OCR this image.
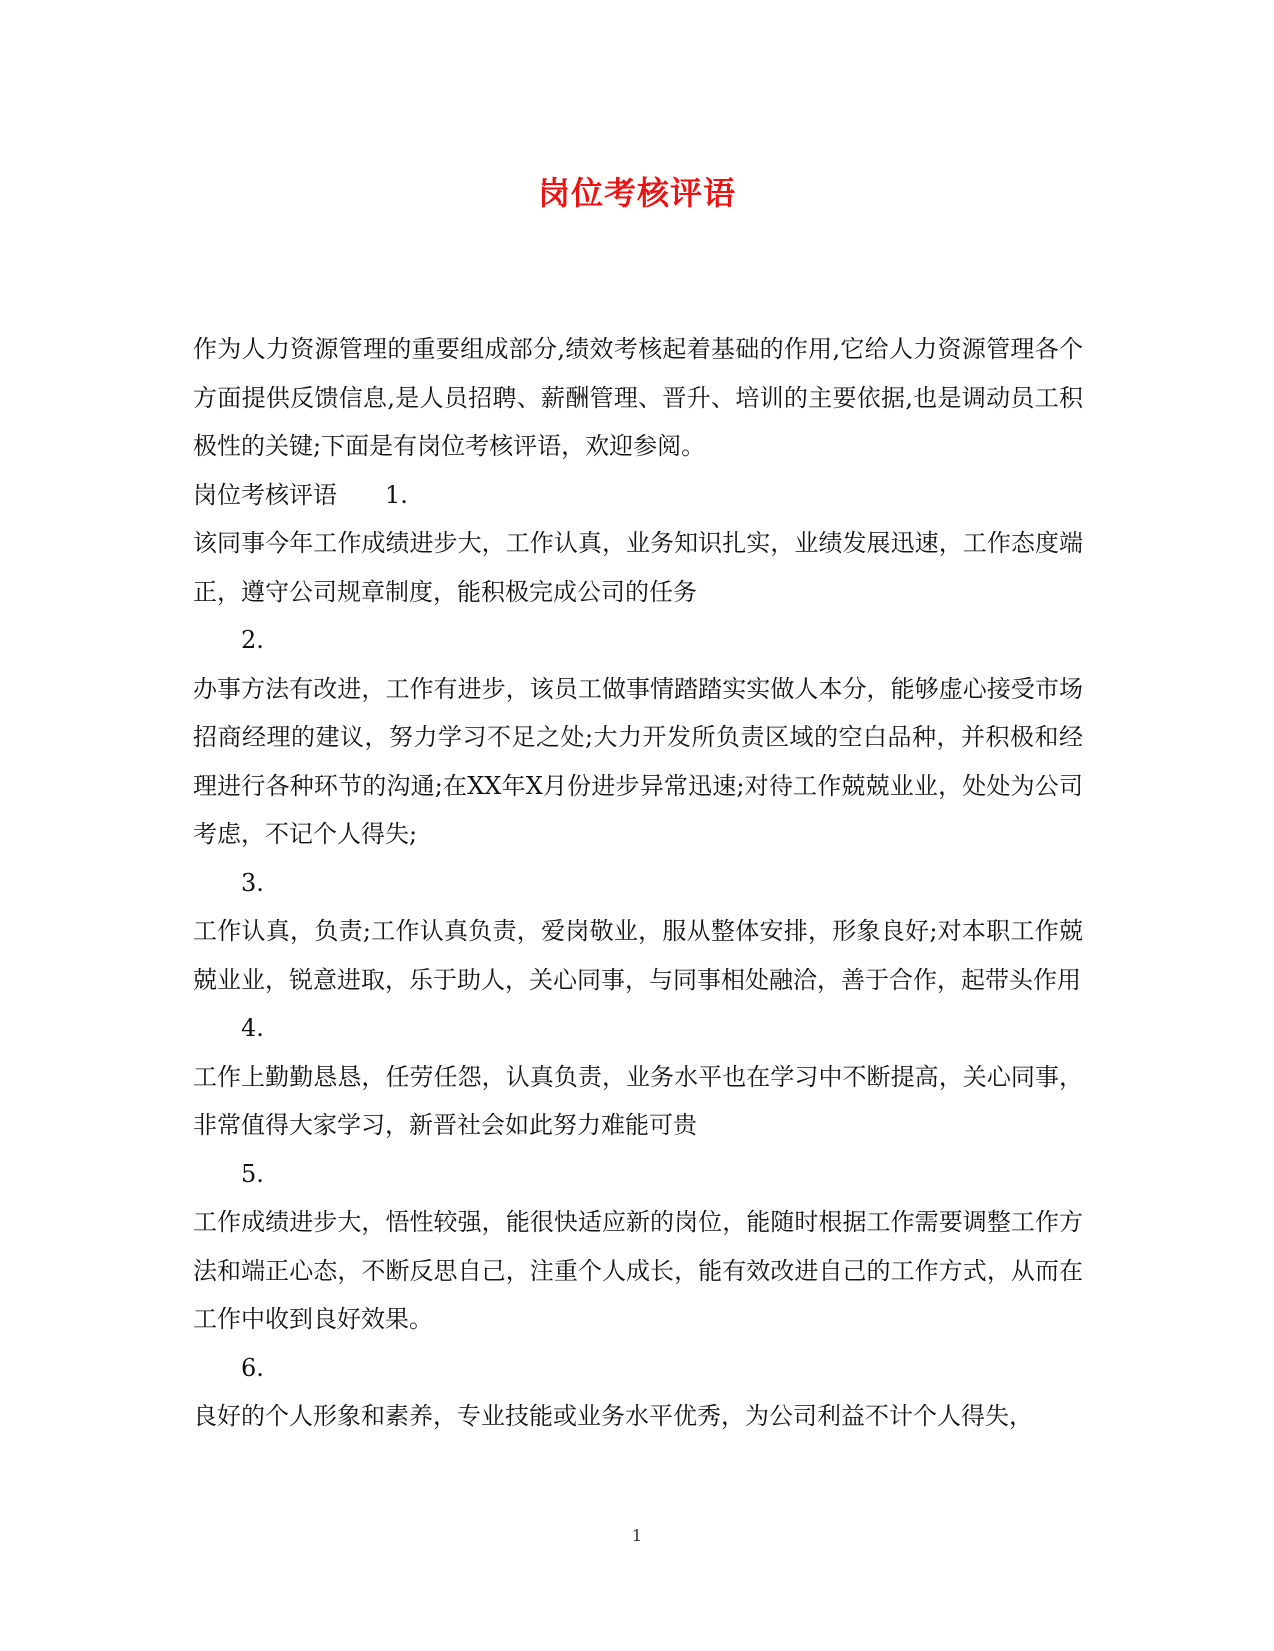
岗位考核评语

作为人力资源管理的重要组成部分,绩效考核起着基础的作用,它给人力资源管理各个方面提供反馈信息,是人员招聘、薪酬管理、晋升、培训的主要依据,也是调动员工积极性的关键;下面是有岗位考核评语，欢迎参阅。

岗位考核评语 1.

该同事今年工作成绩进步大，工作认真，业务知识扎实，业绩发展迅速，工作态度端正，遵守公司规章制度，能积极完成公司的任务

2.

办事方法有改进，工作有进步，该员工做事情踏踏实实做人本分，能够虚心接受市场招商经理的建议，努力学习不足之处;大力开发所负责区域的空白品种，并积极和经理进行各种环节的沟通;在XX年X月份进步异常迅速;对待工作兢兢业业，处处为公司考虑，不记个人得失;

3.

工作认真，负责;工作认真负责，爱岗敬业，服从整体安排，形象良好;对本职工作兢兢业业，锐意进取，乐于助人，关心同事，与同事相处融洽，善于合作，起带头作用

4.

工作上勤勤恳恳，任劳任怨，认真负责，业务水平也在学习中不断提高，关心同事，非常值得大家学习，新晋社会如此努力难能可贵

5.

工作成绩进步大，悟性较强，能很快适应新的岗位，能随时根据工作需要调整工作方法和端正心态，不断反思自己，注重个人成长，能有效改进自己的工作方式，从而在工作中收到良好效果。

6.

良好的个人形象和素养，专业技能或业务水平优秀，为公司利益不计个人得失，

1
